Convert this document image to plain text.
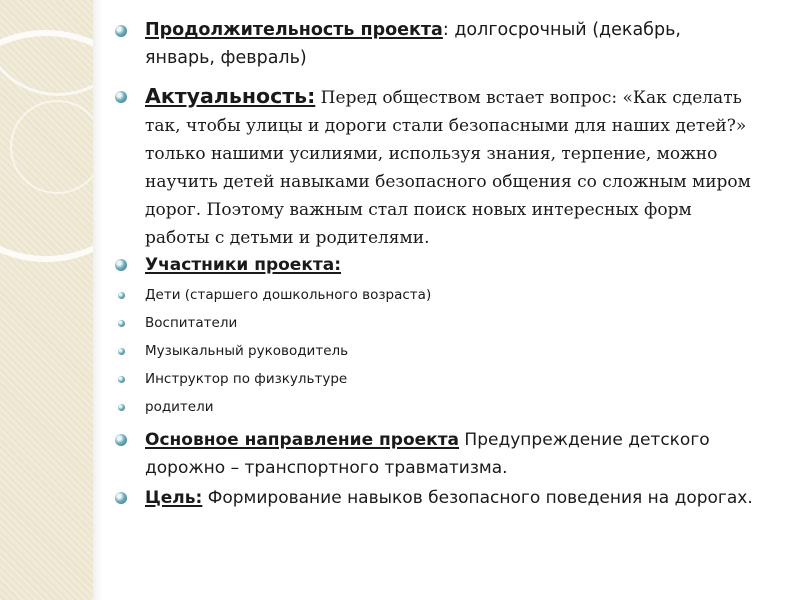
Продолжительность проекта: долгосрочный (декабрь, январь, февраль)
Актуальность: Перед обществом встает вопрос: «Как сделать так, чтобы улицы и дороги стали безопасными для наших детей?» только нашими усилиями, используя знания, терпение, можно научить детей навыками безопасного общения со сложным миром дорог. Поэтому важным стал поиск новых интересных форм работы с детьми и родителями.
Участники проекта:
Дети (старшего дошкольного возраста)
Воспитатели
Музыкальный руководитель
Инструктор по физкультуре
родители
Основное направление проекта Предупреждение детского дорожно – транспортного травматизма.
Цель: Формирование навыков безопасного поведения на дорогах.
